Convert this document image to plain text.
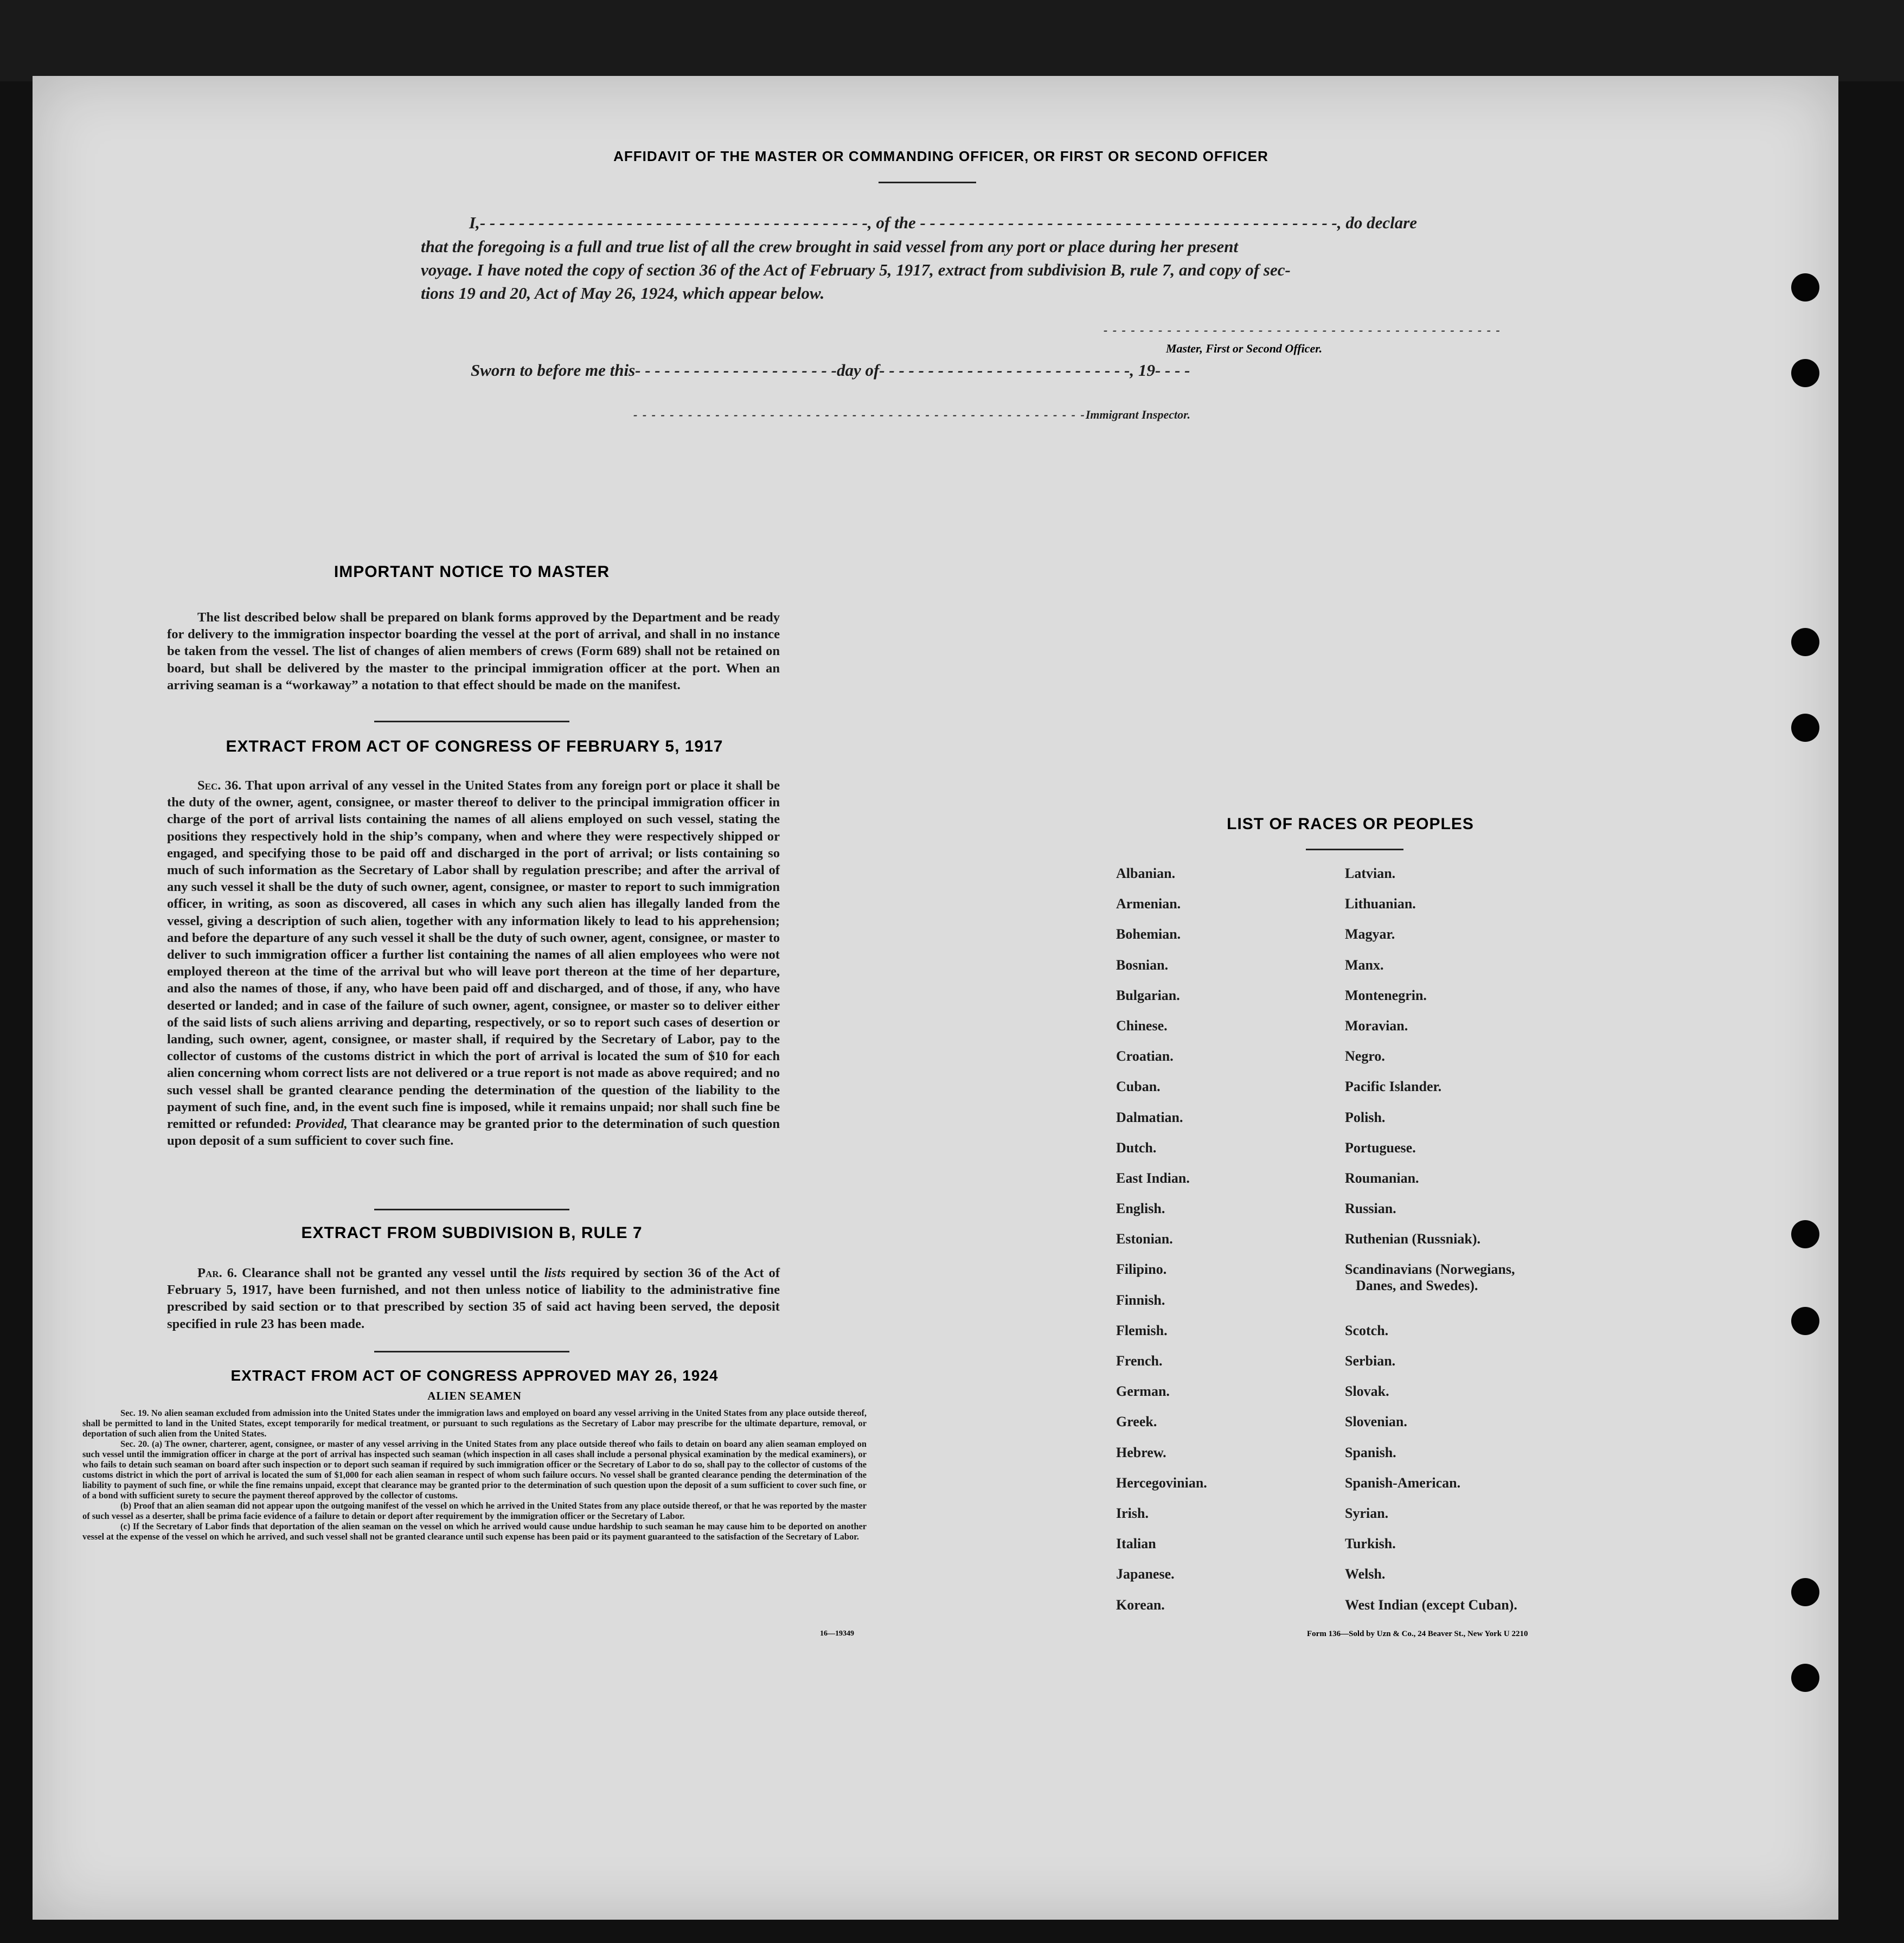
AFFIDAVIT OF THE MASTER OR COMMANDING OFFICER, OR FIRST OR SECOND OFFICER
I,- - - - - - - - - - - - - - - - - - - - - - - - - - - - - - - - - - - - - - - -, of the - - - - - - - - - - - - - - - - - - - - - - - - - - - - - - - - - - - - - - - - - - -, do declare
that the foregoing is a full and true list of all the crew brought in said vessel from any port or place during her present
voyage. I have noted the copy of section 36 of the Act of February 5, 1917, extract from subdivision B, rule 7, and copy of sec-
tions 19 and 20, Act of May 26, 1924, which appear below.
- - - - - - - - - - - - - - - - - - - - - - - - - - - - - - - - - - - - - - - - - - - -
Master, First or Second Officer.
Sworn to before me this- - - - - - - - - - - - - - - - - - - - -day of- - - - - - - - - - - - - - - - - - - - - - - - - -, 19- - - -
- - - - - - - - - - - - - - - - - - - - - - - - - - - - - - - - - - - - - - - - - - - - - - - - - -Immigrant Inspector.
IMPORTANT NOTICE TO MASTER
The list described below shall be prepared on blank forms approved by the Department and be ready for delivery to the immigration inspector boarding the vessel at the port of arrival, and shall in no instance be taken from the vessel. The list of changes of alien members of crews (Form 689) shall not be retained on board, but shall be delivered by the master to the principal immigration officer at the port. When an arriving seaman is a “workaway” a notation to that effect should be made on the manifest.
EXTRACT FROM ACT OF CONGRESS OF FEBRUARY 5, 1917
Sec. 36. That upon arrival of any vessel in the United States from any foreign port or place it shall be the duty of the owner, agent, consignee, or master thereof to deliver to the principal immigration officer in charge of the port of arrival lists containing the names of all aliens employed on such vessel, stating the positions they respectively hold in the ship’s company, when and where they were respectively shipped or engaged, and specifying those to be paid off and discharged in the port of arrival; or lists containing so much of such information as the Secretary of Labor shall by regulation prescribe; and after the arrival of any such vessel it shall be the duty of such owner, agent, consignee, or master to report to such immigration officer, in writing, as soon as discovered, all cases in which any such alien has illegally landed from the vessel, giving a description of such alien, together with any information likely to lead to his apprehension; and before the departure of any such vessel it shall be the duty of such owner, agent, consignee, or master to deliver to such immigration officer a further list containing the names of all alien employees who were not employed thereon at the time of the arrival but who will leave port thereon at the time of her departure, and also the names of those, if any, who have been paid off and discharged, and of those, if any, who have deserted or landed; and in case of the failure of such owner, agent, consignee, or master so to deliver either of the said lists of such aliens arriving and departing, respectively, or so to report such cases of desertion or landing, such owner, agent, consignee, or master shall, if required by the Secretary of Labor, pay to the collector of customs of the customs district in which the port of arrival is located the sum of $10 for each alien concerning whom correct lists are not delivered or a true report is not made as above required; and no such vessel shall be granted clearance pending the determination of the question of the liability to the payment of such fine, and, in the event such fine is imposed, while it remains unpaid; nor shall such fine be remitted or refunded: Provided, That clearance may be granted prior to the determination of such question upon deposit of a sum sufficient to cover such fine.
EXTRACT FROM SUBDIVISION B, RULE 7
Par. 6. Clearance shall not be granted any vessel until the lists required by section 36 of the Act of February 5, 1917, have been furnished, and not then unless notice of liability to the administrative fine prescribed by said section or to that prescribed by section 35 of said act having been served, the deposit specified in rule 23 has been made.
EXTRACT FROM ACT OF CONGRESS APPROVED MAY 26, 1924
ALIEN SEAMEN
Sec. 19. No alien seaman excluded from admission into the United States under the immigration laws and employed on board any vessel arriving in the United States from any place outside thereof, shall be permitted to land in the United States, except temporarily for medical treatment, or pursuant to such regulations as the Secretary of Labor may prescribe for the ultimate departure, removal, or deportation of such alien from the United States.
Sec. 20. (a) The owner, charterer, agent, consignee, or master of any vessel arriving in the United States from any place outside thereof who fails to detain on board any alien seaman employed on such vessel until the immigration officer in charge at the port of arrival has inspected such seaman (which inspection in all cases shall include a personal physical examination by the medical examiners), or who fails to detain such seaman on board after such inspection or to deport such seaman if required by such immigration officer or the Secretary of Labor to do so, shall pay to the collector of customs of the customs district in which the port of arrival is located the sum of $1,000 for each alien seaman in respect of whom such failure occurs. No vessel shall be granted clearance pending the determination of the liability to payment of such fine, or while the fine remains unpaid, except that clearance may be granted prior to the determination of such question upon the deposit of a sum sufficient to cover such fine, or of a bond with sufficient surety to secure the payment thereof approved by the collector of customs.
(b) Proof that an alien seaman did not appear upon the outgoing manifest of the vessel on which he arrived in the United States from any place outside thereof, or that he was reported by the master of such vessel as a deserter, shall be prima facie evidence of a failure to detain or deport after requirement by the immigration officer or the Secretary of Labor.
(c) If the Secretary of Labor finds that deportation of the alien seaman on the vessel on which he arrived would cause undue hardship to such seaman he may cause him to be deported on another vessel at the expense of the vessel on which he arrived, and such vessel shall not be granted clearance until such expense has been paid or its payment guaranteed to the satisfaction of the Secretary of Labor.
16—19349
LIST OF RACES OR PEOPLES
Albanian.
Armenian.
Bohemian.
Bosnian.
Bulgarian.
Chinese.
Croatian.
Cuban.
Dalmatian.
Dutch.
East Indian.
English.
Estonian.
Filipino.
Finnish.
Flemish.
French.
German.
Greek.
Hebrew.
Hercegovinian.
Irish.
Italian
Japanese.
Korean.
Latvian.
Lithuanian.
Magyar.
Manx.
Montenegrin.
Moravian.
Negro.
Pacific Islander.
Polish.
Portuguese.
Roumanian.
Russian.
Ruthenian (Russniak).
Scandinavians (Norwegians, Danes, and Swedes).
Scotch.
Serbian.
Slovak.
Slovenian.
Spanish.
Spanish-American.
Syrian.
Turkish.
Welsh.
West Indian (except Cuban).
Form 136—Sold by Uzn & Co., 24 Beaver St., New York U 2210
